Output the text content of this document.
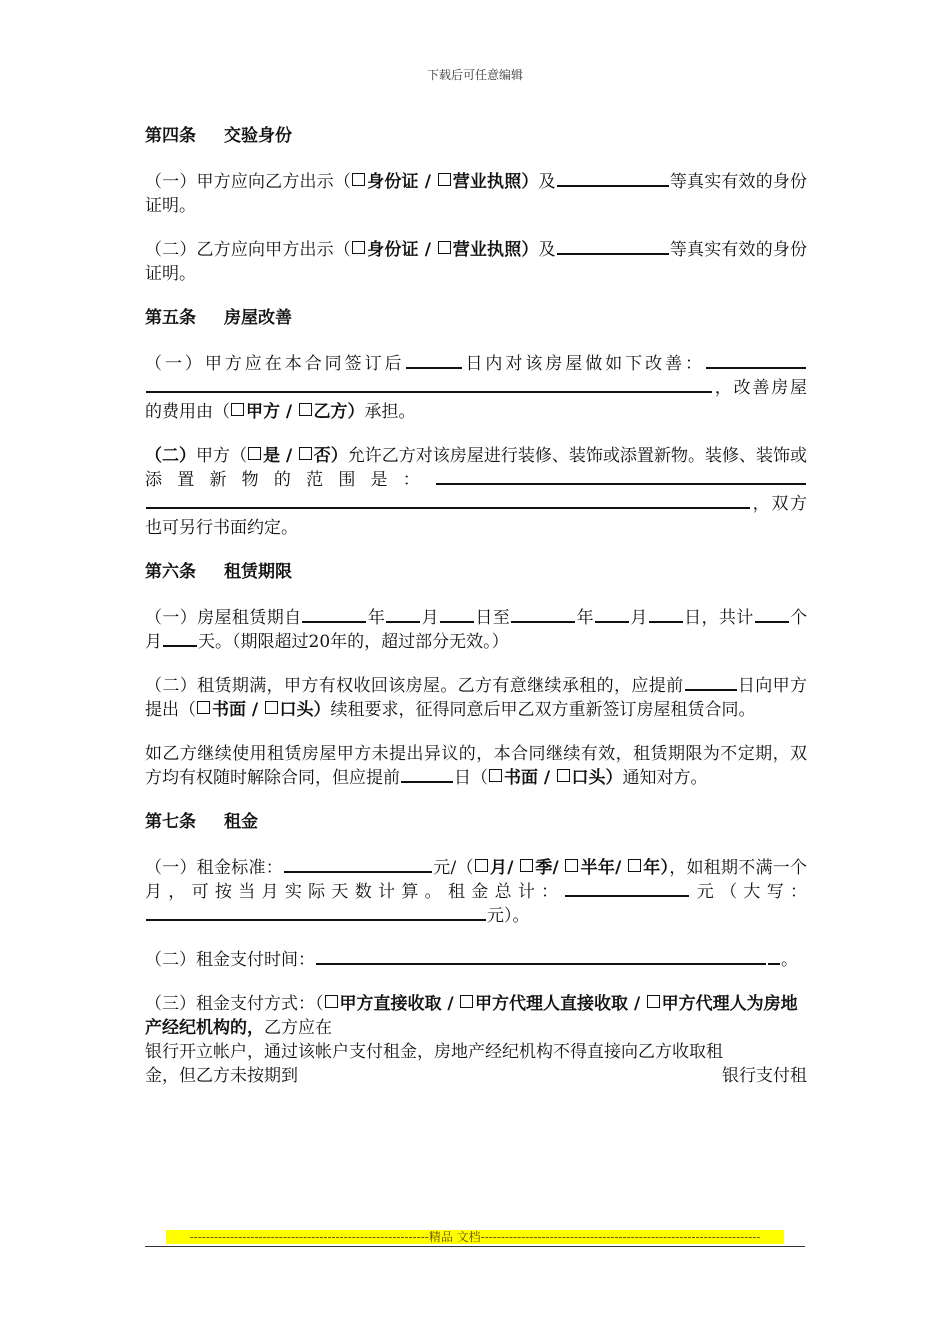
下载后可任意编辑
第四条 交验身份

（一）甲方应向乙方出示（ 身份证 / 营业执照）及	等真实有效的身份证明。

（二）乙方应向甲方出示（ 身份证 / 营业执照）及	等真实有效的身份证明。

第五条 房屋改善

（一）甲方应在本合同签订后	日内对该房屋做如下改善：，改善房屋的费用由（ 甲方 / 乙方）承担。

（二）甲方（ 是 / 否）允许乙方对该房屋进行装修、装饰或添置新物。装修、装饰或添置新物的范围是：，双方也可另行书面约定。

第六条 租赁期限

（一）房屋租赁期自	年 月 日至	年 月 日，共计 个月 天。（期限超过20年的，超过部分无效。）

（二）租赁期满，甲方有权收回该房屋。乙方有意继续承租的，应提前	日向甲方提出（ 书面 / 口头）续租要求，征得同意后甲乙双方重新签订房屋租赁合同。

如乙方继续使用租赁房屋甲方未提出异议的，本合同继续有效，租赁期限为不定期，双方均有权随时解除合同，但应提前	日（ 书面 / 口头）通知对方。

第七条 租金

（一）租金标准：	元/（ 月/ 季/ 半年/ 年），如租期不满一个月，可按当月实际天数计算。租金总计：	元（大写：元）。

（二）租金支付时间：	。

（三）租金支付方式：（ 甲方直接收取 / 甲方代理人直接收取 / 甲方代理人为房地产经纪机构的，乙方应在

银行开立帐户，通过该帐户支付租金，房地产经纪机构不得直接向乙方收取租

金，但乙方未按期到	银行支付租
-----------------------------------------------------------精品 文档---------------------------------------------------------------------
